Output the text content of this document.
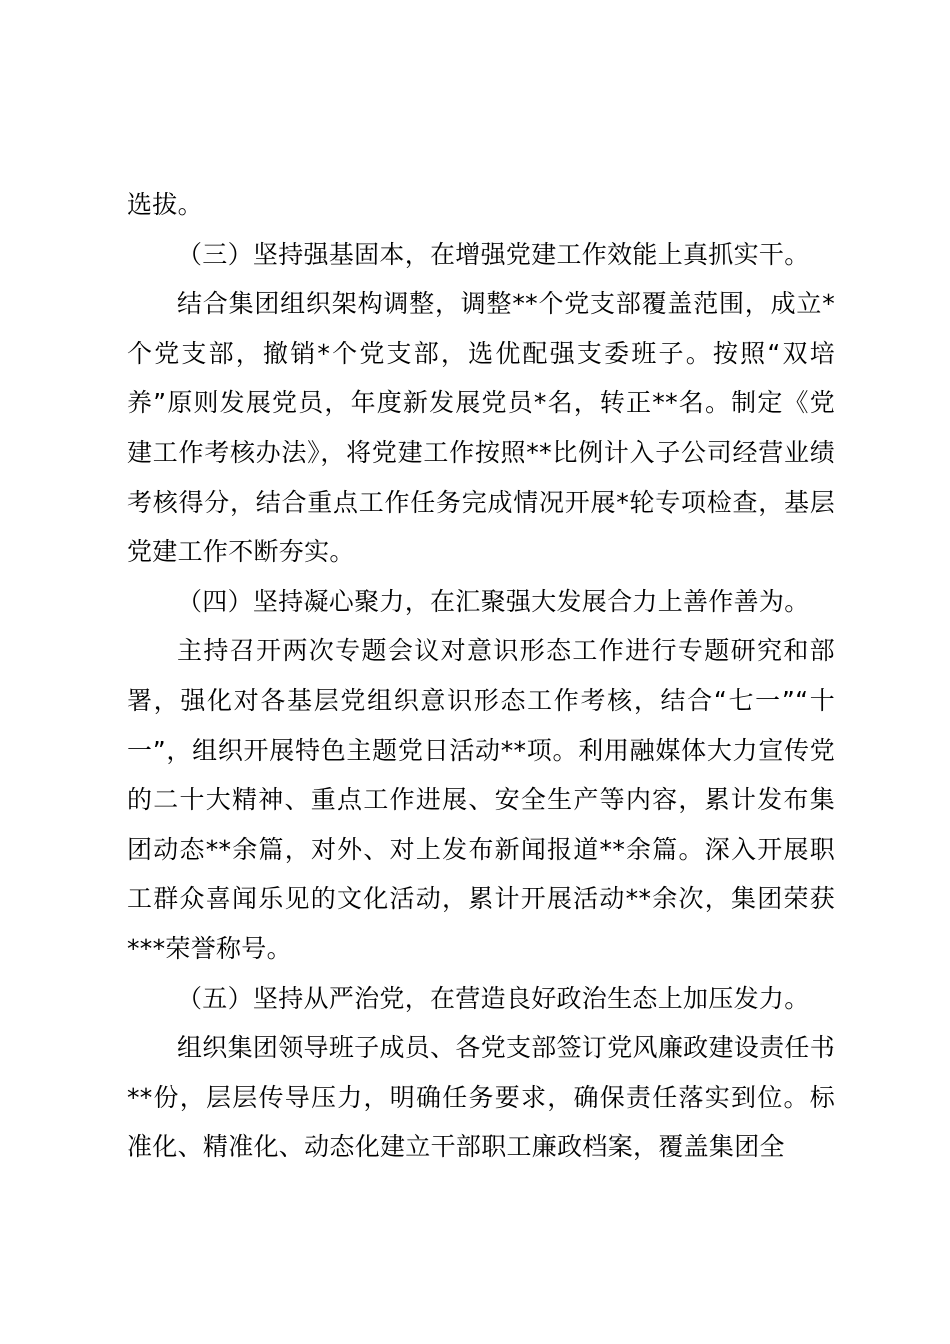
选拔。

（三）坚持强基固本，在增强党建工作效能上真抓实干。

结合集团组织架构调整，调整**个党支部覆盖范围，成立*个党支部，撤销*个党支部，选优配强支委班子。按照“双培养”原则发展党员，年度新发展党员*名，转正**名。制定《党建工作考核办法》，将党建工作按照**比例计入子公司经营业绩考核得分，结合重点工作任务完成情况开展*轮专项检查，基层党建工作不断夯实。

（四）坚持凝心聚力，在汇聚强大发展合力上善作善为。

主持召开两次专题会议对意识形态工作进行专题研究和部署，强化对各基层党组织意识形态工作考核，结合“七一”“十一”，组织开展特色主题党日活动**项。利用融媒体大力宣传党的二十大精神、重点工作进展、安全生产等内容，累计发布集团动态**余篇，对外、对上发布新闻报道**余篇。深入开展职工群众喜闻乐见的文化活动，累计开展活动**余次，集团荣获***荣誉称号。

（五）坚持从严治党，在营造良好政治生态上加压发力。

组织集团领导班子成员、各党支部签订党风廉政建设责任书**份，层层传导压力，明确任务要求，确保责任落实到位。标准化、精准化、动态化建立干部职工廉政档案，覆盖集团全
